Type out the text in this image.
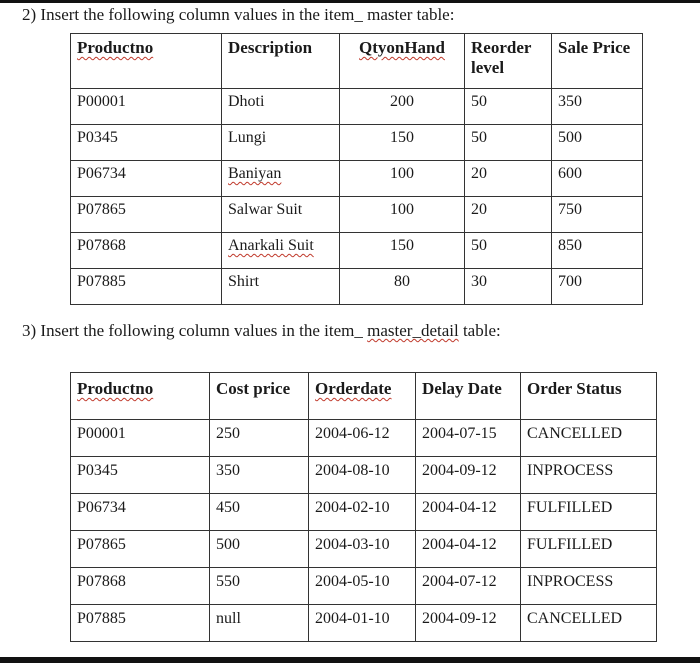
2) Insert the following column values in the item_ master table:
Productno	Description	QtyonHand	Reorder level	Sale Price
P00001	Dhoti	200	50	350
P0345	Lungi	150	50	500
P06734	Baniyan	100	20	600
P07865	Salwar Suit	100	20	750
P07868	Anarkali Suit	150	50	850
P07885	Shirt	80	30	700
3) Insert the following column values in the item_ master_detail table:
Productno	Cost price	Orderdate	Delay Date	Order Status
P00001	250	2004-06-12	2004-07-15	CANCELLED
P0345	350	2004-08-10	2004-09-12	INPROCESS
P06734	450	2004-02-10	2004-04-12	FULFILLED
P07865	500	2004-03-10	2004-04-12	FULFILLED
P07868	550	2004-05-10	2004-07-12	INPROCESS
P07885	null	2004-01-10	2004-09-12	CANCELLED
